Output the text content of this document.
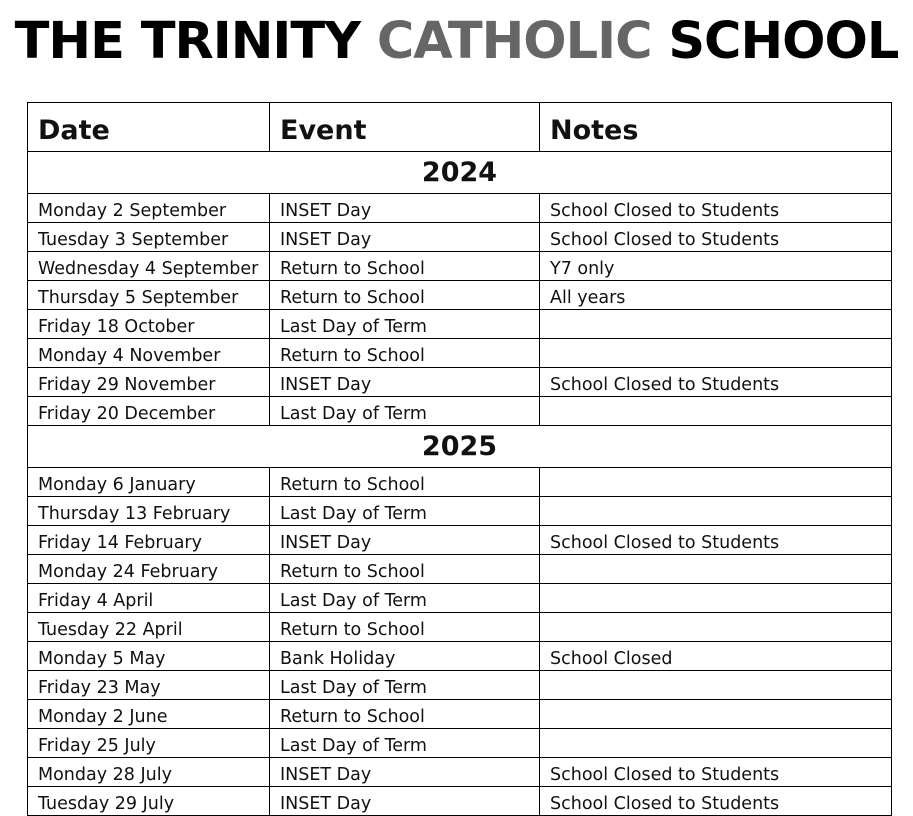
THE TRINITY CATHOLIC SCHOOL
Date	Event	Notes
2024		
Monday 2 September	INSET Day	School Closed to Students
Tuesday 3 September	INSET Day	School Closed to Students
Wednesday 4 September	Return to School	Y7 only
Thursday 5 September	Return to School	All years
Friday 18 October	Last Day of Term	
Monday 4 November	Return to School	
Friday 29 November	INSET Day	School Closed to Students
Friday 20 December	Last Day of Term	
2025		
Monday 6 January	Return to School	
Thursday 13 February	Last Day of Term	
Friday 14 February	INSET Day	School Closed to Students
Monday 24 February	Return to School	
Friday 4 April	Last Day of Term	
Tuesday 22 April	Return to School	
Monday 5 May	Bank Holiday	School Closed
Friday 23 May	Last Day of Term	
Monday 2 June	Return to School	
Friday 25 July	Last Day of Term	
Monday 28 July	INSET Day	School Closed to Students
Tuesday 29 July	INSET Day	School Closed to Students
